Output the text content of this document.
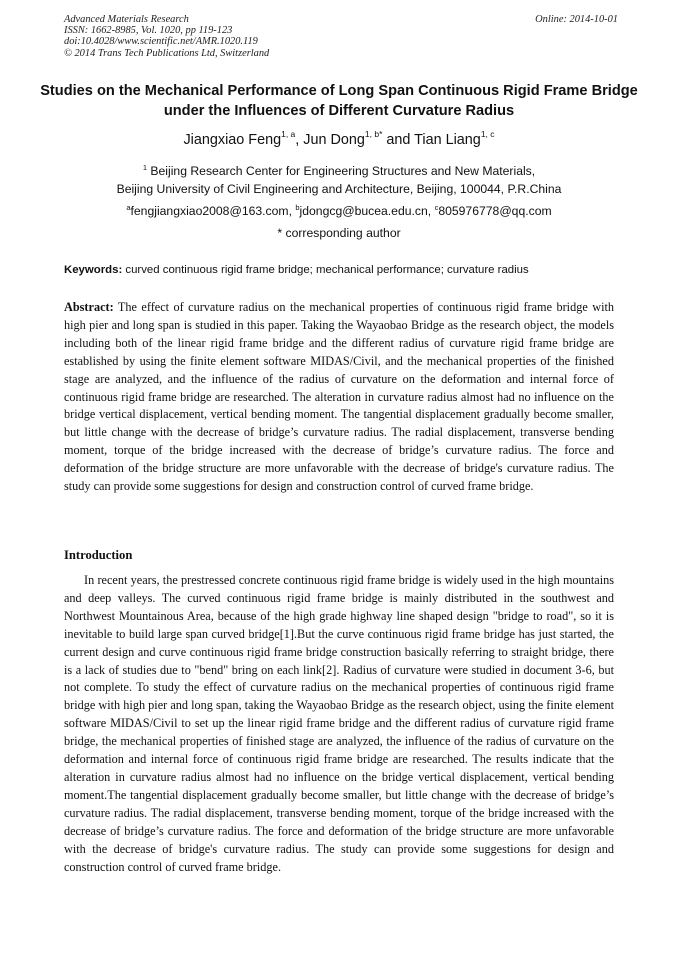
Advanced Materials Research
ISSN: 1662-8985, Vol. 1020, pp 119-123
doi:10.4028/www.scientific.net/AMR.1020.119
© 2014 Trans Tech Publications Ltd, Switzerland
Online: 2014-10-01
Studies on the Mechanical Performance of Long Span Continuous Rigid Frame Bridge under the Influences of Different Curvature Radius
Jiangxiao Feng$^{1, a}$, Jun Dong$^{1, b*}$ and Tian Liang$^{1, c}$
$^1$ Beijing Research Center for Engineering Structures and New Materials,
Beijing University of Civil Engineering and Architecture, Beijing, 100044, P.R.China
$^a$fengjiangxiao2008@163.com, $^b$jdongcg@bucea.edu.cn, $^c$805976778@qq.com
* corresponding author
Keywords: curved continuous rigid frame bridge; mechanical performance; curvature radius
Abstract: The effect of curvature radius on the mechanical properties of continuous rigid frame bridge with high pier and long span is studied in this paper. Taking the Wayaobao Bridge as the research object, the models including both of the linear rigid frame bridge and the different radius of curvature rigid frame bridge are established by using the finite element software MIDAS/Civil, and the mechanical properties of the finished stage are analyzed, and the influence of the radius of curvature on the deformation and internal force of continuous rigid frame bridge are researched. The alteration in curvature radius almost had no influence on the bridge vertical displacement, vertical bending moment. The tangential displacement gradually become smaller, but little change with the decrease of bridge’s curvature radius. The radial displacement, transverse bending moment, torque of the bridge increased with the decrease of bridge’s curvature radius. The force and deformation of the bridge structure are more unfavorable with the decrease of bridge's curvature radius. The study can provide some suggestions for design and construction control of curved frame bridge.
Introduction
In recent years, the prestressed concrete continuous rigid frame bridge is widely used in the high mountains and deep valleys. The curved continuous rigid frame bridge is mainly distributed in the southwest and Northwest Mountainous Area, because of the high grade highway line shaped design "bridge to road", so it is inevitable to build large span curved bridge[1].But the curve continuous rigid frame bridge has just started, the current design and curve continuous rigid frame bridge construction basically referring to straight bridge, there is a lack of studies due to "bend" bring on each link[2]. Radius of curvature were studied in document 3-6, but not complete. To study the effect of curvature radius on the mechanical properties of continuous rigid frame bridge with high pier and long span, taking the Wayaobao Bridge as the research object, using the finite element software MIDAS/Civil to set up the linear rigid frame bridge and the different radius of curvature rigid frame bridge, the mechanical properties of finished stage are analyzed, the influence of the radius of curvature on the deformation and internal force of continuous rigid frame bridge are researched. The results indicate that the alteration in curvature radius almost had no influence on the bridge vertical displacement, vertical bending moment.The tangential displacement gradually become smaller, but little change with the decrease of bridge’s curvature radius. The radial displacement, transverse bending moment, torque of the bridge increased with the decrease of bridge’s curvature radius. The force and deformation of the bridge structure are more unfavorable with the decrease of bridge's curvature radius. The study can provide some suggestions for design and construction control of curved frame bridge.
